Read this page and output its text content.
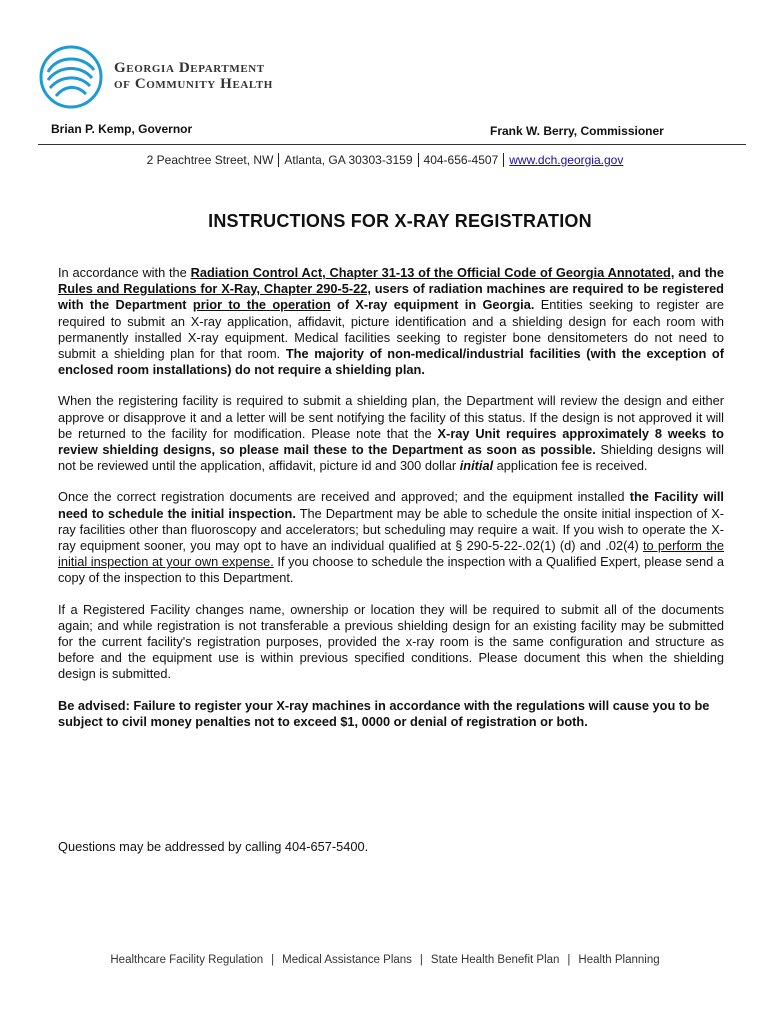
Georgia Department
of Community Health
Brian P. Kemp, Governor	Frank W. Berry, Commissioner
2 Peachtree Street, NW Atlanta, GA 30303-3159 404-656-4507 www.dch.georgia.gov
INSTRUCTIONS FOR X-RAY REGISTRATION

In accordance with the Radiation Control Act, Chapter 31-13 of the Official Code of Georgia Annotated, and the Rules and Regulations for X-Ray, Chapter 290-5-22, users of radiation machines are required to be registered with the Department prior to the operation of X-ray equipment in Georgia. Entities seeking to register are required to submit an X-ray application, affidavit, picture identification and a shielding design for each room with permanently installed X-ray equipment. Medical facilities seeking to register bone densitometers do not need to submit a shielding plan for that room. The majority of non-medical/industrial facilities (with the exception of enclosed room installations) do not require a shielding plan.

When the registering facility is required to submit a shielding plan, the Department will review the design and either approve or disapprove it and a letter will be sent notifying the facility of this status. If the design is not approved it will be returned to the facility for modification. Please note that the X-ray Unit requires approximately 8 weeks to review shielding designs, so please mail these to the Department as soon as possible. Shielding designs will not be reviewed until the application, affidavit, picture id and 300 dollar initial application fee is received.

Once the correct registration documents are received and approved; and the equipment installed the Facility will need to schedule the initial inspection. The Department may be able to schedule the onsite initial inspection of X-ray facilities other than fluoroscopy and accelerators; but scheduling may require a wait. If you wish to operate the X-ray equipment sooner, you may opt to have an individual qualified at § 290-5-22-.02(1) (d) and .02(4) to perform the initial inspection at your own expense. If you choose to schedule the inspection with a Qualified Expert, please send a copy of the inspection to this Department.

If a Registered Facility changes name, ownership or location they will be required to submit all of the documents again; and while registration is not transferable a previous shielding design for an existing facility may be submitted for the current facility's registration purposes, provided the x-ray room is the same configuration and structure as before and the equipment use is within previous specified conditions. Please document this when the shielding design is submitted.

Be advised: Failure to register your X-ray machines in accordance with the regulations will cause you to be subject to civil money penalties not to exceed $1, 0000 or denial of registration or both.

Questions may be addressed by calling 404-657-5400.
Healthcare Facility Regulation | Medical Assistance Plans | State Health Benefit Plan | Health Planning
